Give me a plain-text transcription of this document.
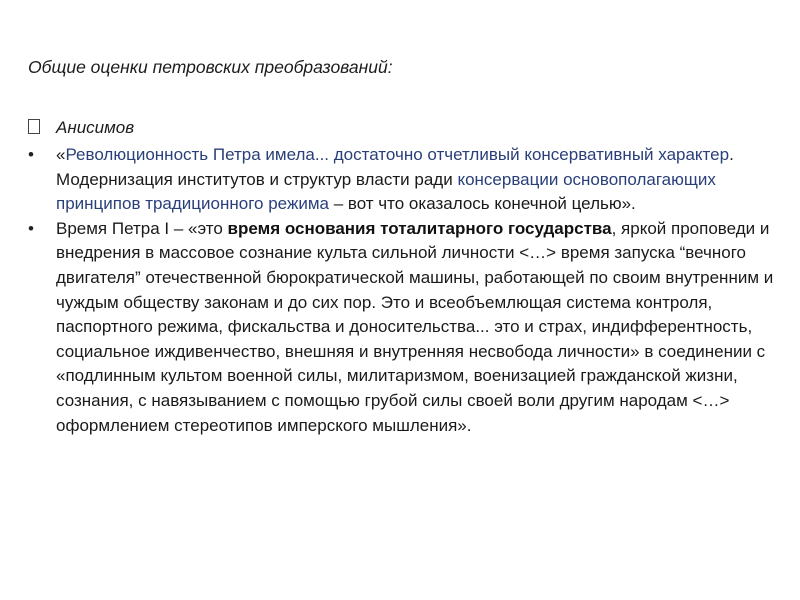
Общие оценки петровских преобразований:
Анисимов
• «Революционность Петра имела... достаточно отчетливый консервативный характер. Модернизация институтов и структур власти ради консервации основополагающих принципов традиционного режима – вот что оказалось конечной целью».
• Время Петра I – «это время основания тоталитарного государства, яркой проповеди и внедрения в массовое сознание культа сильной личности <…> время запуска “вечного двигателя” отечественной бюрократической машины, работающей по своим внутренним и чуждым обществу законам и до сих пор. Это и всеобъемлющая система контроля, паспортного режима, фискальства и доносительства... это и страх, индифферентность, социальное иждивенчество, внешняя и внутренняя несвобода личности» в соединении с «подлинным культом военной силы, милитаризмом, военизацией гражданской жизни, сознания, с навязыванием с помощью грубой силы своей воли другим народам <…> оформлением стереотипов имперского мышления».
